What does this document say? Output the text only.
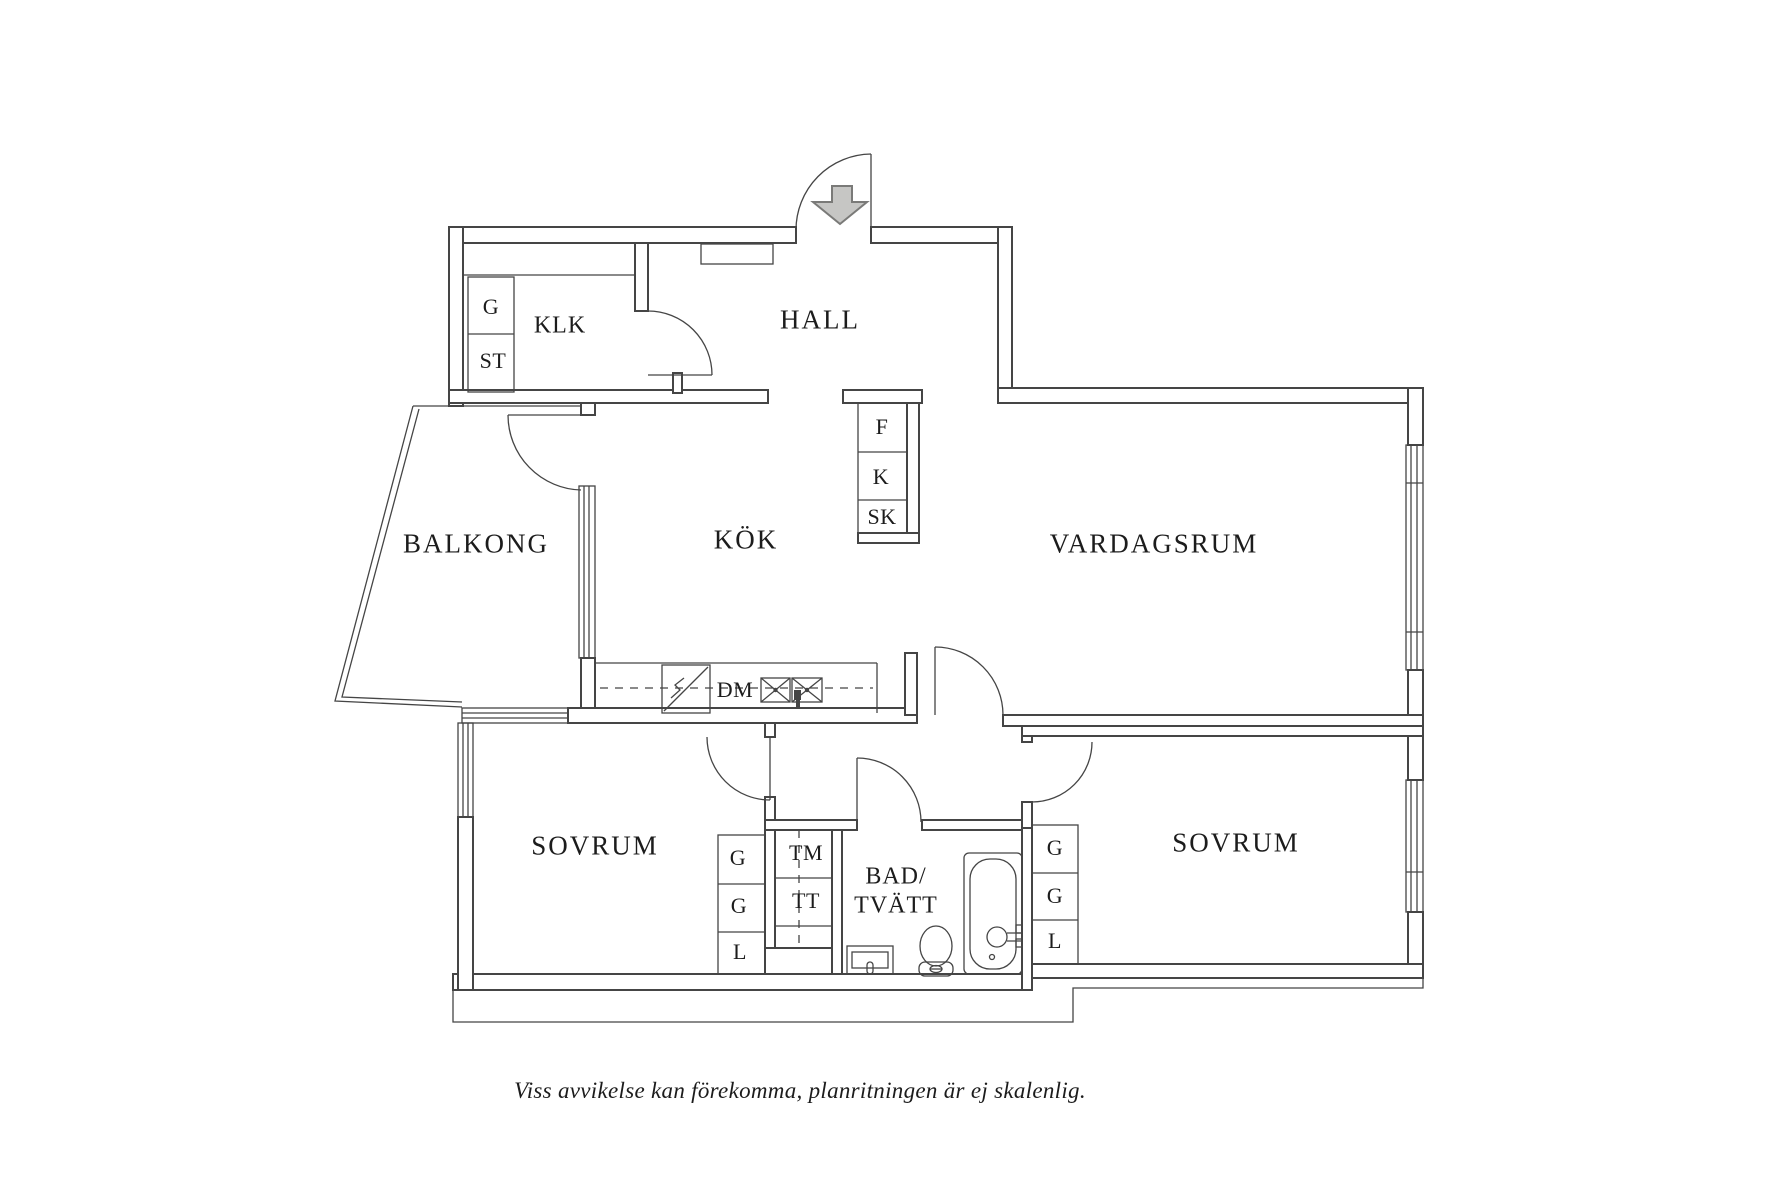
HALL
KLK
BALKONG	KÖK	VARDAGSRUM
SOVRUM	SOVRUM
BAD/
TVÄTT
G
ST
F
K
SK
DM
G
G
L
TM
TT
G
G
L
Viss avvikelse kan förekomma, planritningen är ej skalenlig.
